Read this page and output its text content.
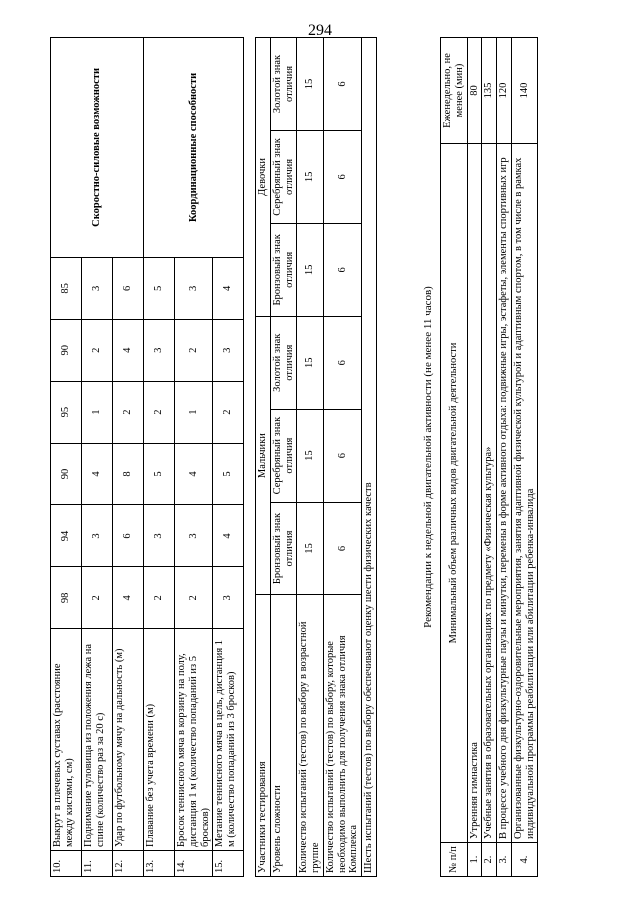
294
10.	Выкрут в плечевых суставах (расстояние между кистями, см)	98	94	90	95	90	85	Скоростно-силовые возможности
11.	Поднимание туловища из положения лежа на спине (количество раз за 20 с)	2	3	4	1	2	3	
12.	Удар по футбольному мячу на дальность (м)	4	6	8	2	4	6	
13.	Плавание без учета времени (м)	2	3	5	2	3	5	Координационные способности
14.	Бросок теннисного мяча в корзину на полу, дистанция 1 м (количество попаданий из 5 бросков)	2	3	4	1	2	3	
15.	Метание теннисного мяча в цель, дистанция 1 м (количество попаданий из 3 бросков)	3	4	5	2	3	4	
Участники тестирования	Мальчики			Девочки		
Уровень сложности	Бронзовый знак отличия	Серебряный знак отличия	Золотой знак отличия	Бронзовый знак отличия	Серебряный знак отличия	Золотой знак отличия
Количество испытаний (тестов) по выбору в возрастной группе	15	15	15	15	15	15
Количество испытаний (тестов) по выбору, которые необходимо выполнить для получения знака отличия Комплекса	6	6	6	6	6	6
Шесть испытаний (тестов) по выбору обеспечивают оценку шести физических качеств						
Рекомендации к недельной двигательной активности (не менее 11 часов)
№ п/п	Минимальный объем различных видов двигательной деятельности	Еженедельно, не менее (мин)
1.	Утренняя гимнастика	80
2.	Учебные занятия в образовательных организациях по предмету «Физическая культура»	135
3.	В процессе учебного дня физкультурные паузы и минутки, перемены в форме активного отдыха: подвижные игры, эстафеты, элементы спортивных игр	120
4.	Организованные физкультурно-оздоровительные мероприятия, занятия адаптивной физической культурой и адаптивным спортом, в том числе в рамках индивидуальной программы реабилитации или абилитации ребенка-инвалида	140
